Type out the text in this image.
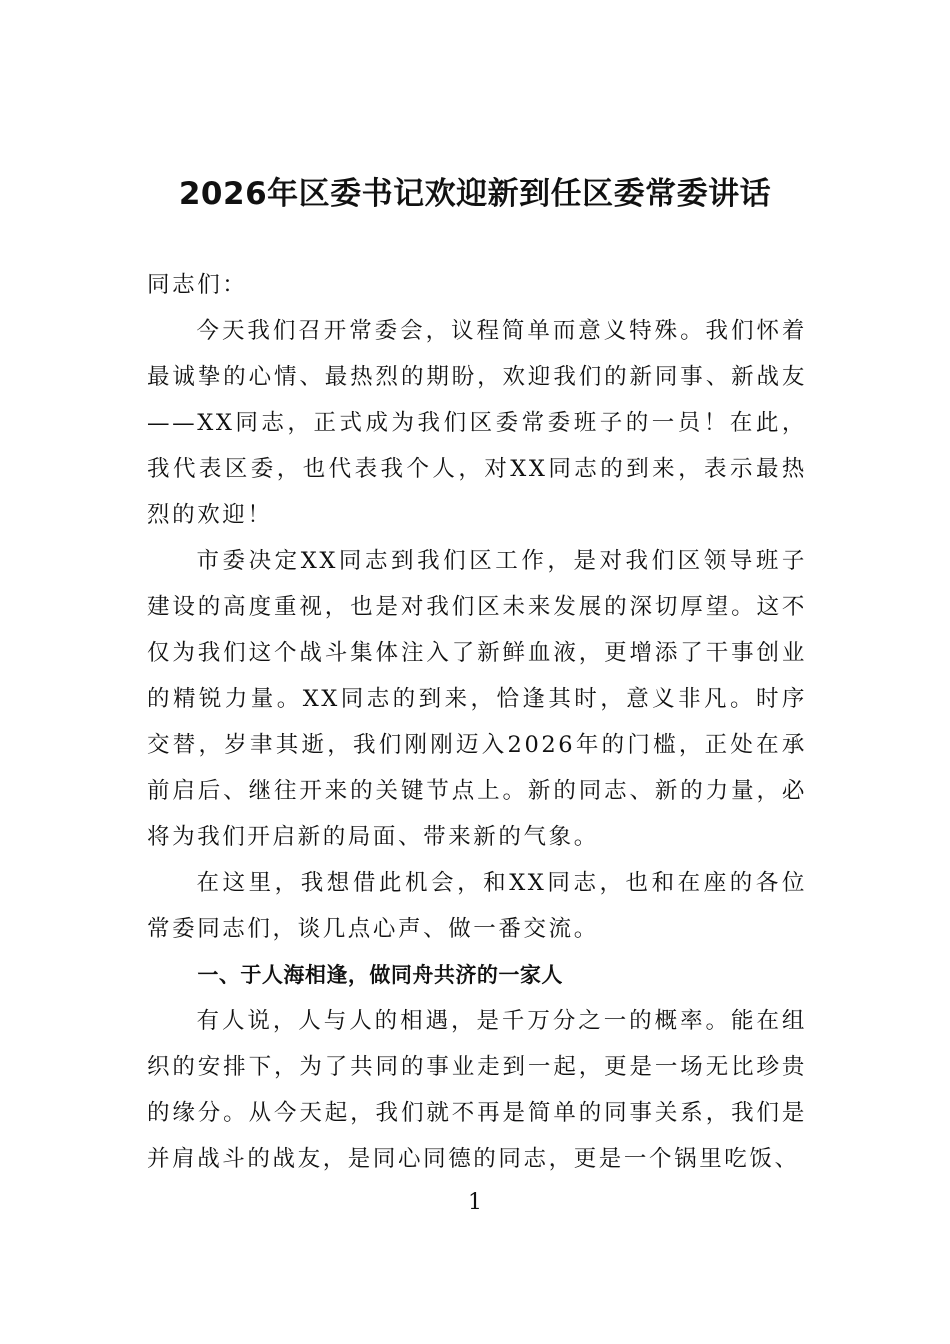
2026年区委书记欢迎新到任区委常委讲话

同志们：

今天我们召开常委会，议程简单而意义特殊。我们怀着最诚挚的心情、最热烈的期盼，欢迎我们的新同事、新战友——XX同志，正式成为我们区委常委班子的一员！在此，我代表区委，也代表我个人，对XX同志的到来，表示最热烈的欢迎！

市委决定XX同志到我们区工作，是对我们区领导班子建设的高度重视，也是对我们区未来发展的深切厚望。这不仅为我们这个战斗集体注入了新鲜血液，更增添了干事创业的精锐力量。XX同志的到来，恰逢其时，意义非凡。时序交替，岁聿其逝，我们刚刚迈入2026年的门槛，正处在承前启后、继往开来的关键节点上。新的同志、新的力量，必将为我们开启新的局面、带来新的气象。

在这里，我想借此机会，和XX同志，也和在座的各位常委同志们，谈几点心声、做一番交流。

一、于人海相逢，做同舟共济的一家人

有人说，人与人的相遇，是千万分之一的概率。能在组织的安排下，为了共同的事业走到一起，更是一场无比珍贵的缘分。从今天起，我们就不再是简单的同事关系，我们是并肩战斗的战友，是同心同德的同志，更是一个锅里吃饭、

1
